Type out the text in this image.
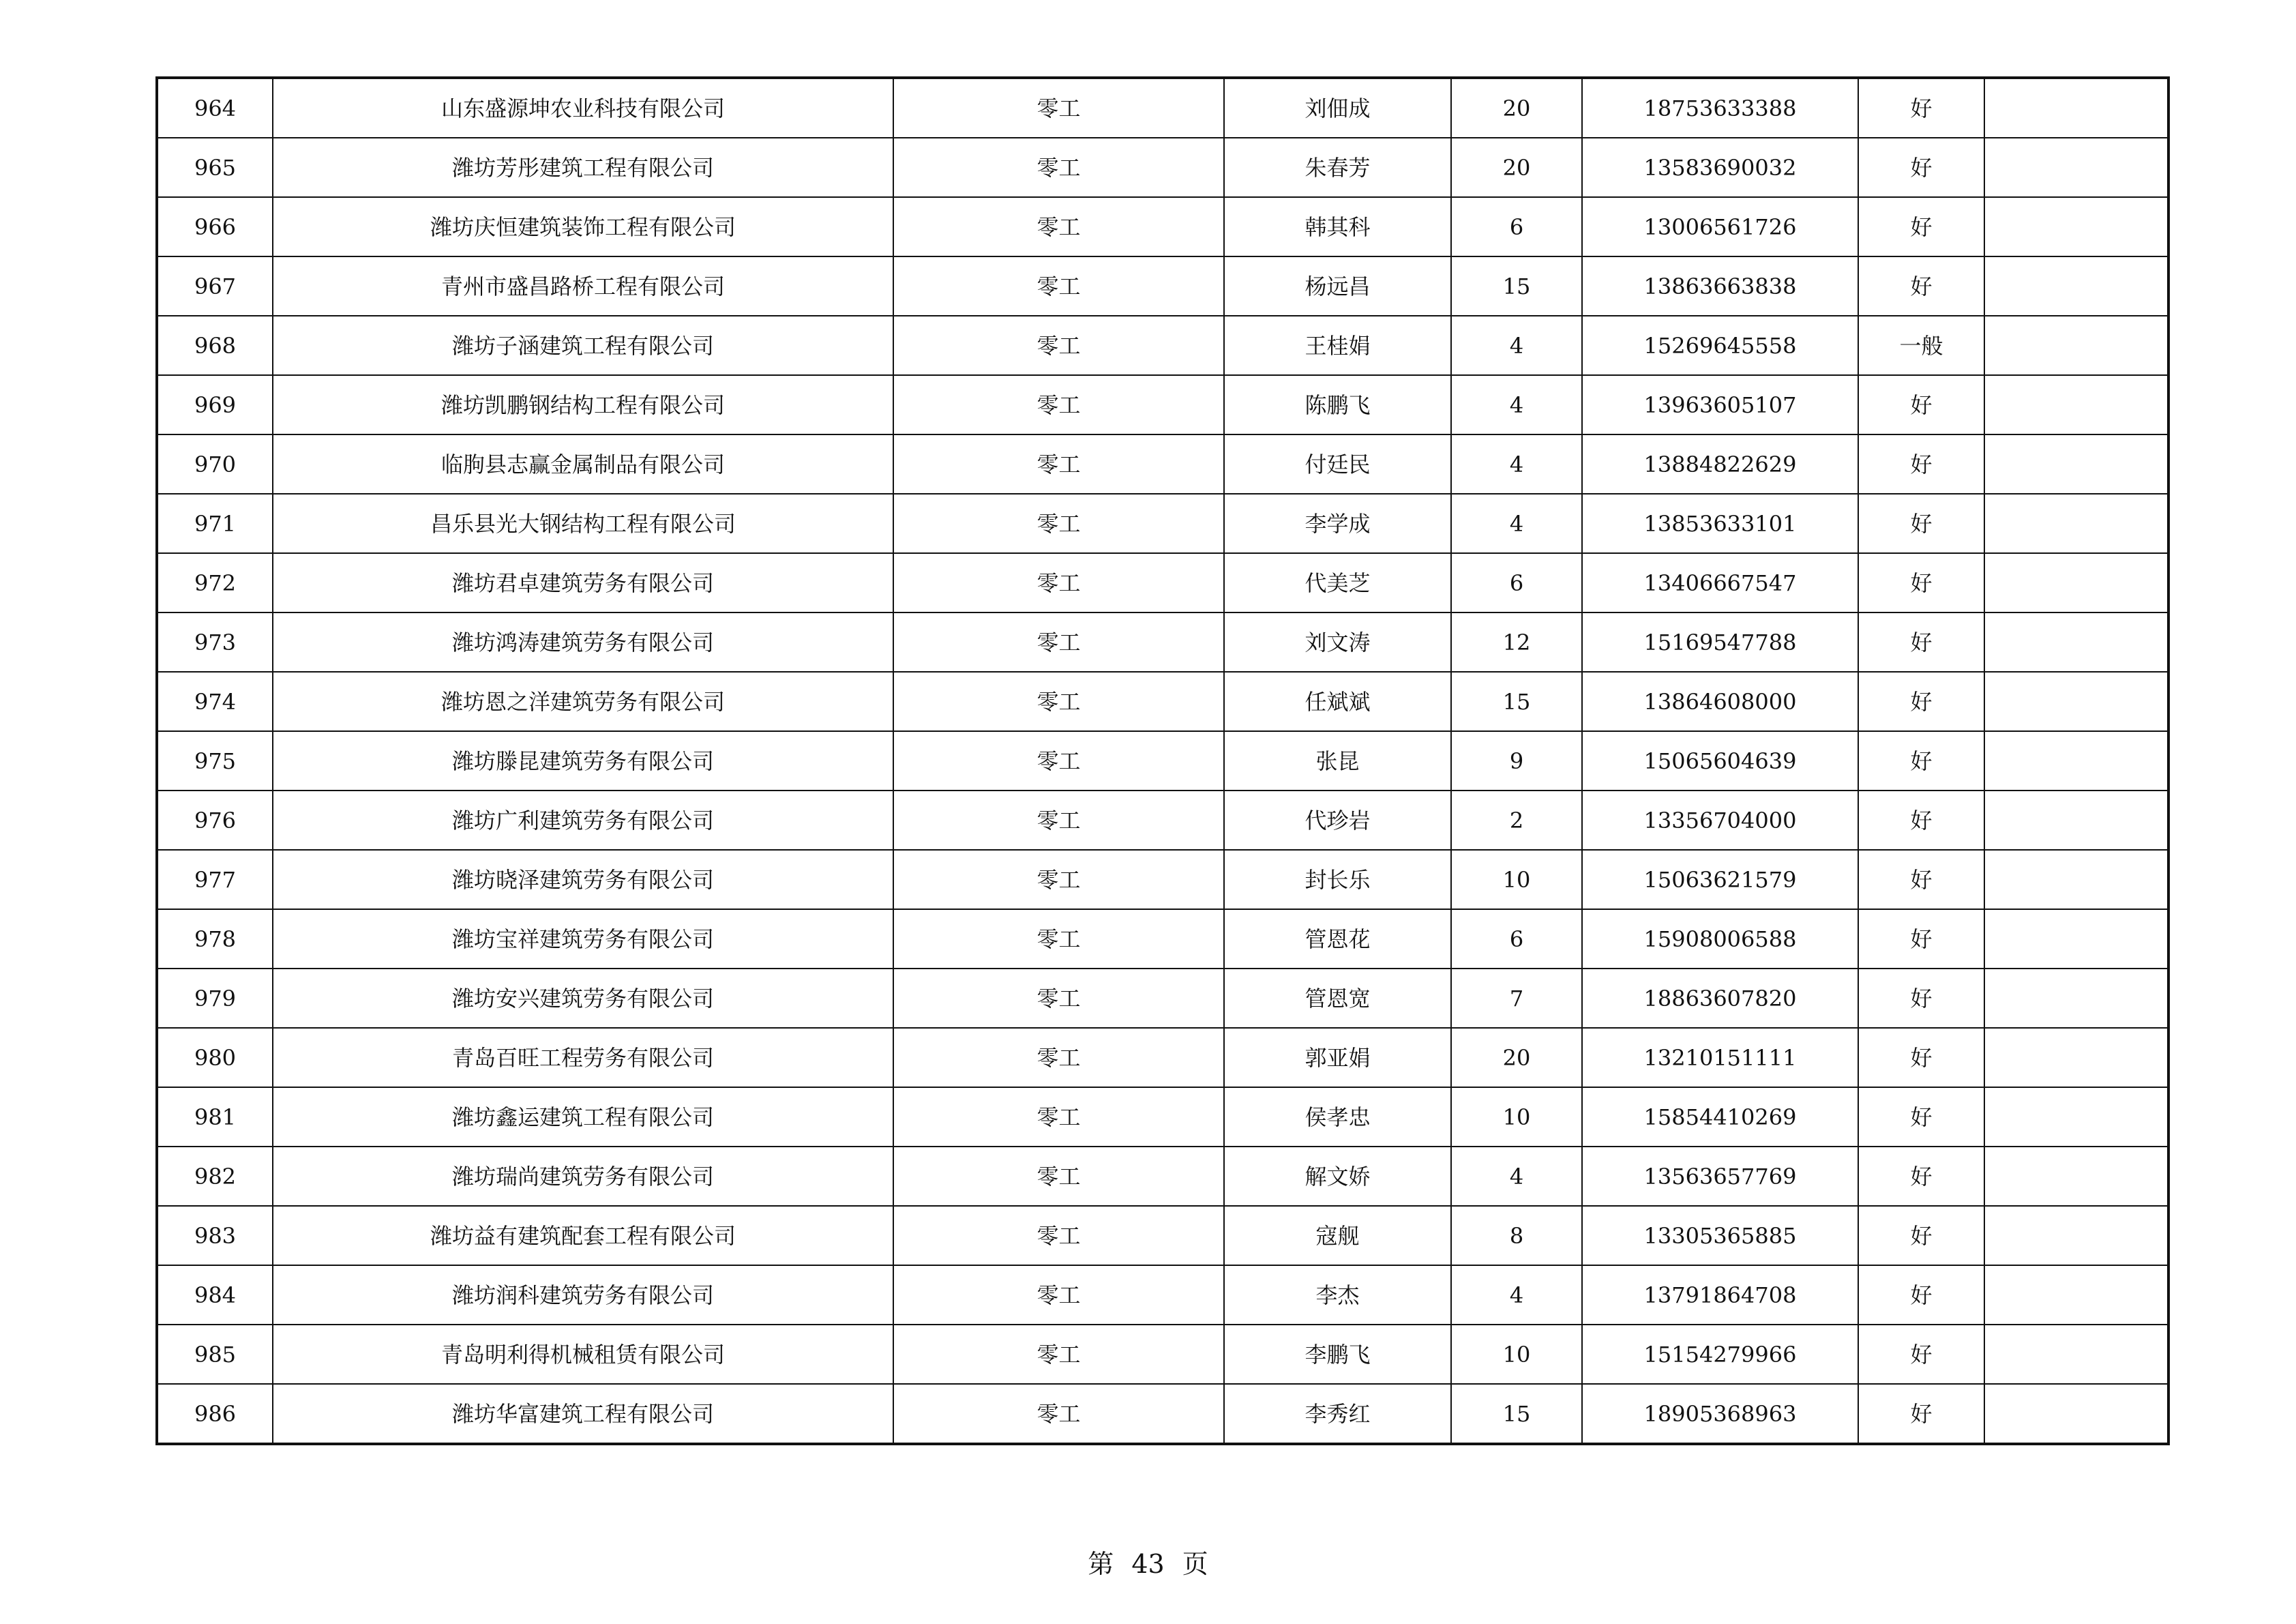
964	山东盛源坤农业科技有限公司	零工	刘佃成	20	18753633388	好	
965	潍坊芳彤建筑工程有限公司	零工	朱春芳	20	13583690032	好	
966	潍坊庆恒建筑装饰工程有限公司	零工	韩其科	6	13006561726	好	
967	青州市盛昌路桥工程有限公司	零工	杨远昌	15	13863663838	好	
968	潍坊子涵建筑工程有限公司	零工	王桂娟	4	15269645558	一般	
969	潍坊凯鹏钢结构工程有限公司	零工	陈鹏飞	4	13963605107	好	
970	临朐县志赢金属制品有限公司	零工	付廷民	4	13884822629	好	
971	昌乐县光大钢结构工程有限公司	零工	李学成	4	13853633101	好	
972	潍坊君卓建筑劳务有限公司	零工	代美芝	6	13406667547	好	
973	潍坊鸿涛建筑劳务有限公司	零工	刘文涛	12	15169547788	好	
974	潍坊恩之洋建筑劳务有限公司	零工	任斌斌	15	13864608000	好	
975	潍坊滕昆建筑劳务有限公司	零工	张昆	9	15065604639	好	
976	潍坊广利建筑劳务有限公司	零工	代珍岩	2	13356704000	好	
977	潍坊晓泽建筑劳务有限公司	零工	封长乐	10	15063621579	好	
978	潍坊宝祥建筑劳务有限公司	零工	管恩花	6	15908006588	好	
979	潍坊安兴建筑劳务有限公司	零工	管恩宽	7	18863607820	好	
980	青岛百旺工程劳务有限公司	零工	郭亚娟	20	13210151111	好	
981	潍坊鑫运建筑工程有限公司	零工	侯孝忠	10	15854410269	好	
982	潍坊瑞尚建筑劳务有限公司	零工	解文娇	4	13563657769	好	
983	潍坊益有建筑配套工程有限公司	零工	寇舰	8	13305365885	好	
984	潍坊润科建筑劳务有限公司	零工	李杰	4	13791864708	好	
985	青岛明利得机械租赁有限公司	零工	李鹏飞	10	15154279966	好	
986	潍坊华富建筑工程有限公司	零工	李秀红	15	18905368963	好	
第 43 页
